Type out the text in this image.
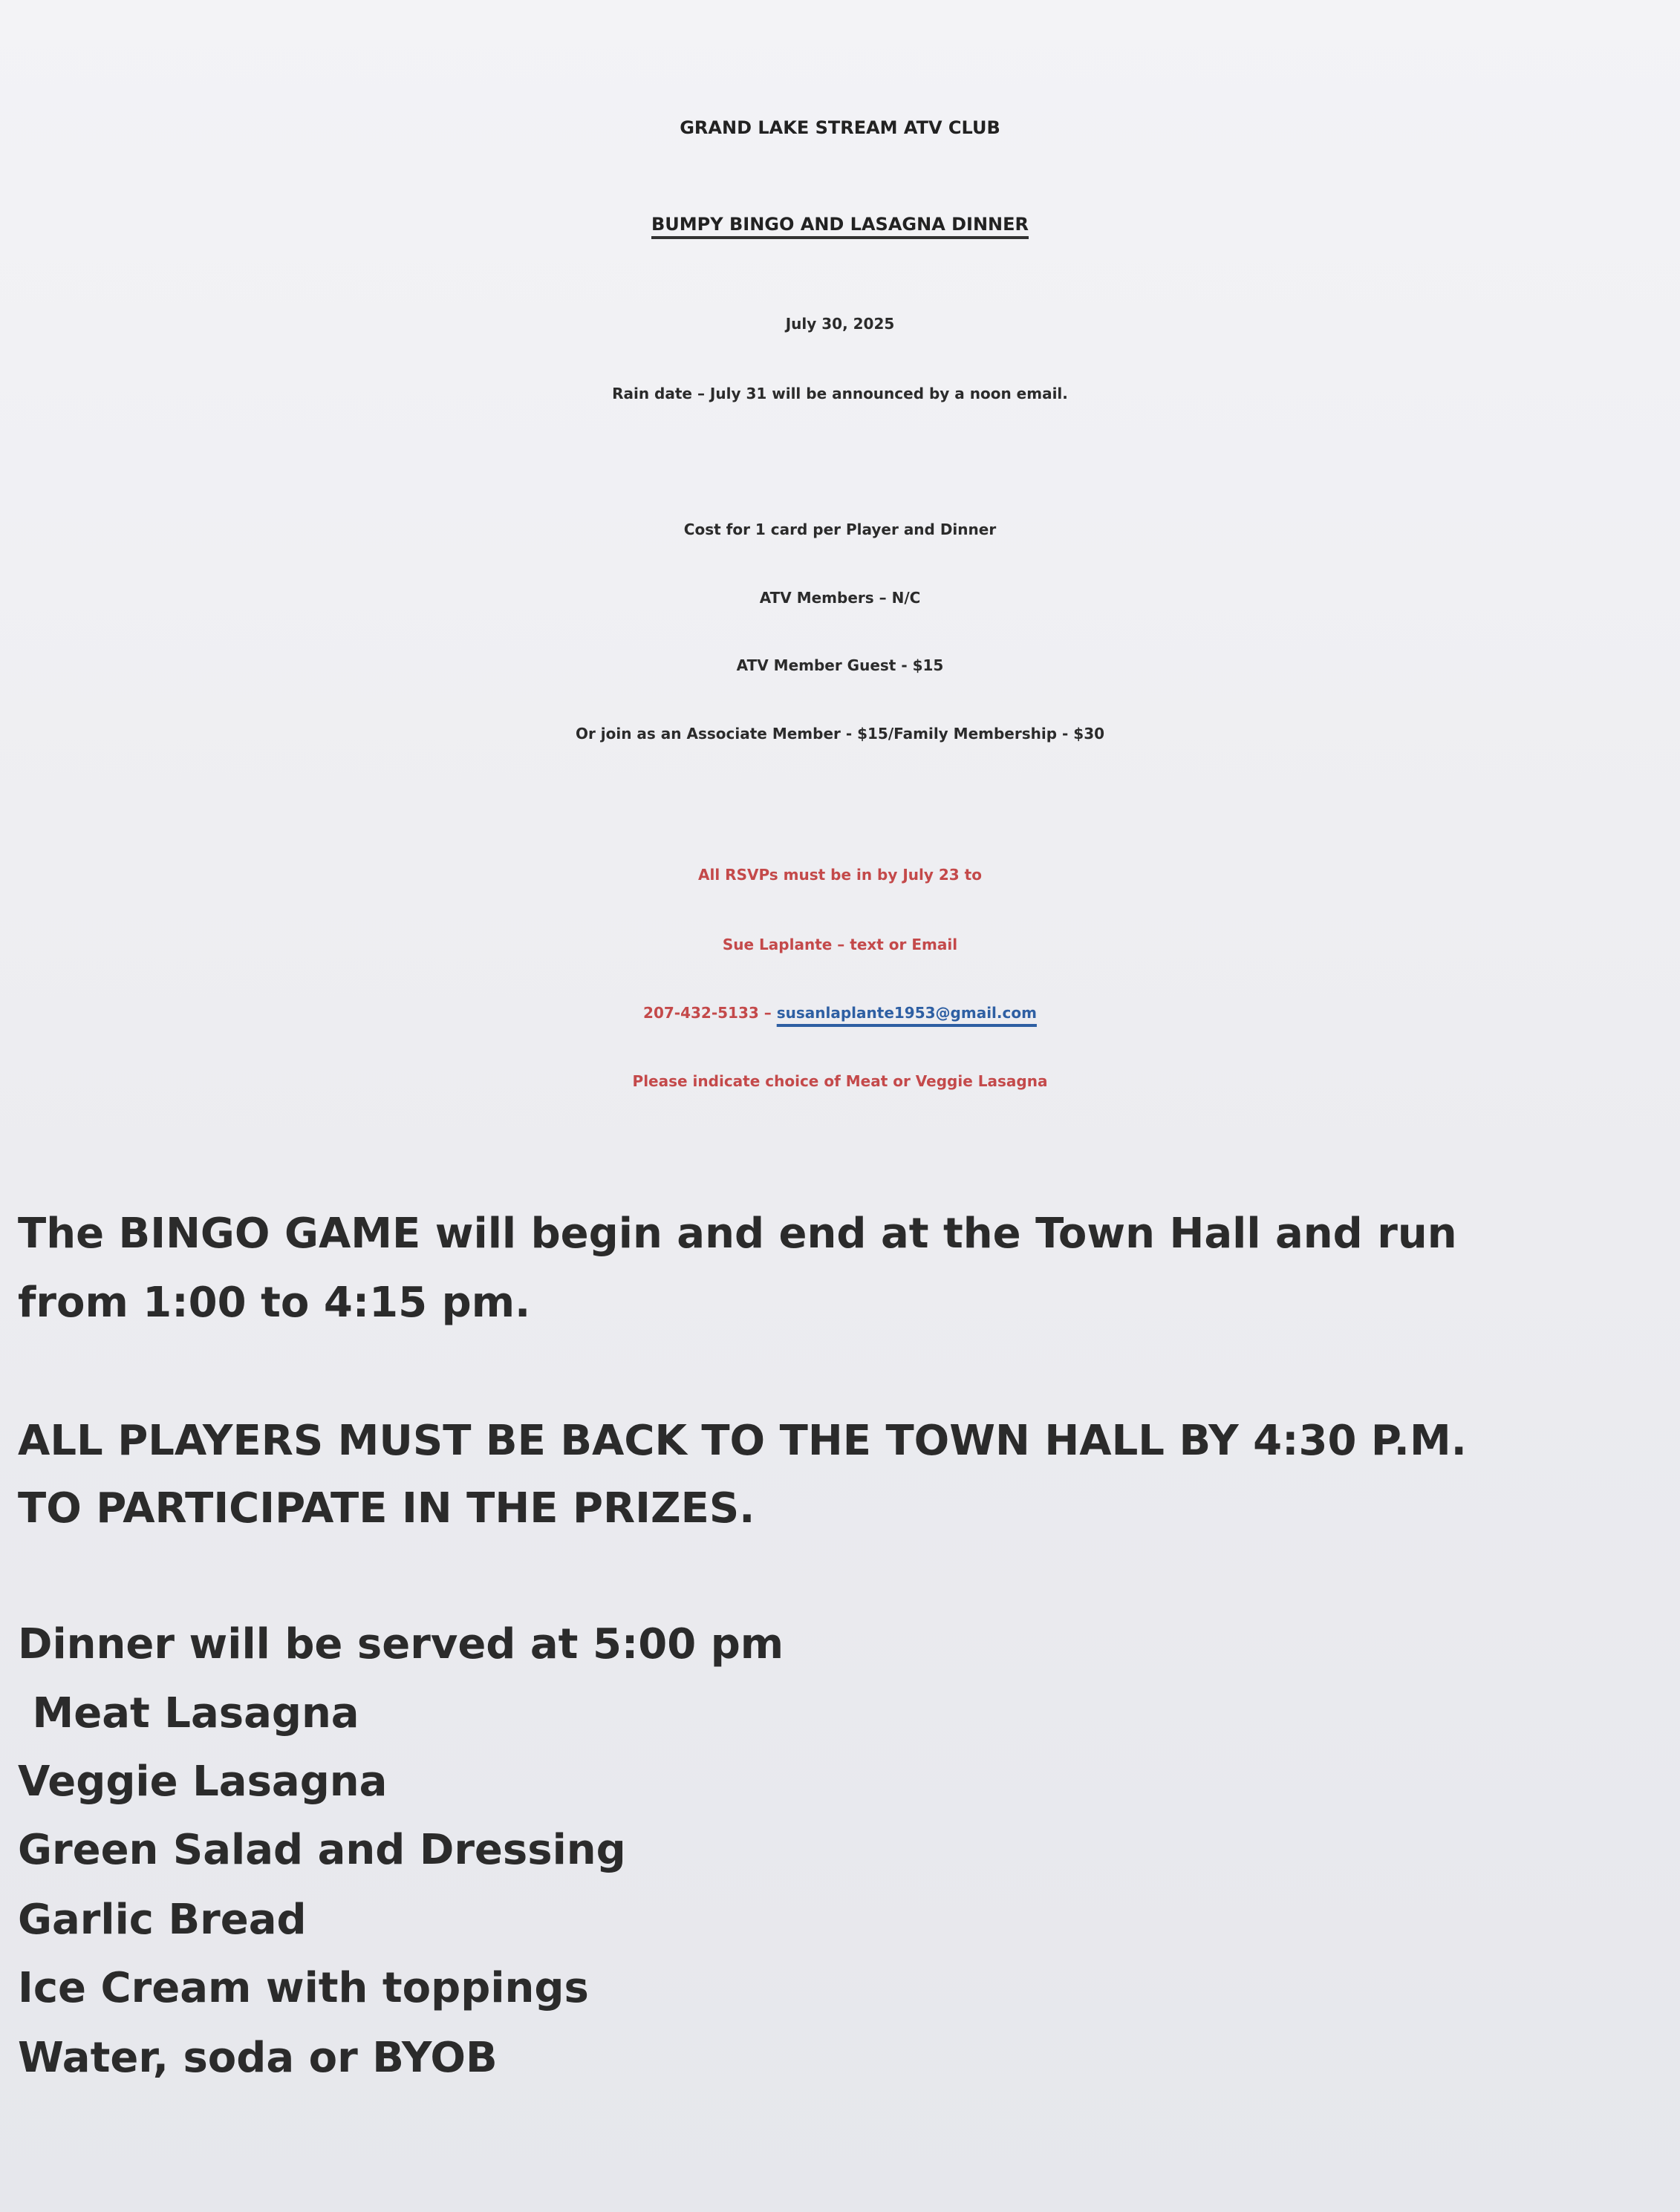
GRAND LAKE STREAM ATV CLUB
BUMPY BINGO AND LASAGNA DINNER
July 30, 2025
Rain date – July 31 will be announced by a noon email.
Cost for 1 card per Player and Dinner
ATV Members – N/C
ATV Member Guest - $15
Or join as an Associate Member - $15/Family Membership - $30
All RSVPs must be in by July 23 to
Sue Laplante – text or Email
207-432-5133 – susanlaplante1953@gmail.com
Please indicate choice of Meat or Veggie Lasagna
The BINGO GAME will begin and end at the Town Hall and run
from 1:00 to 4:15 pm.
ALL PLAYERS MUST BE BACK TO THE TOWN HALL BY 4:30 P.M.
TO PARTICIPATE IN THE PRIZES.
Dinner will be served at 5:00 pm
Meat Lasagna
Veggie Lasagna
Green Salad and Dressing
Garlic Bread
Ice Cream with toppings
Water, soda or BYOB
